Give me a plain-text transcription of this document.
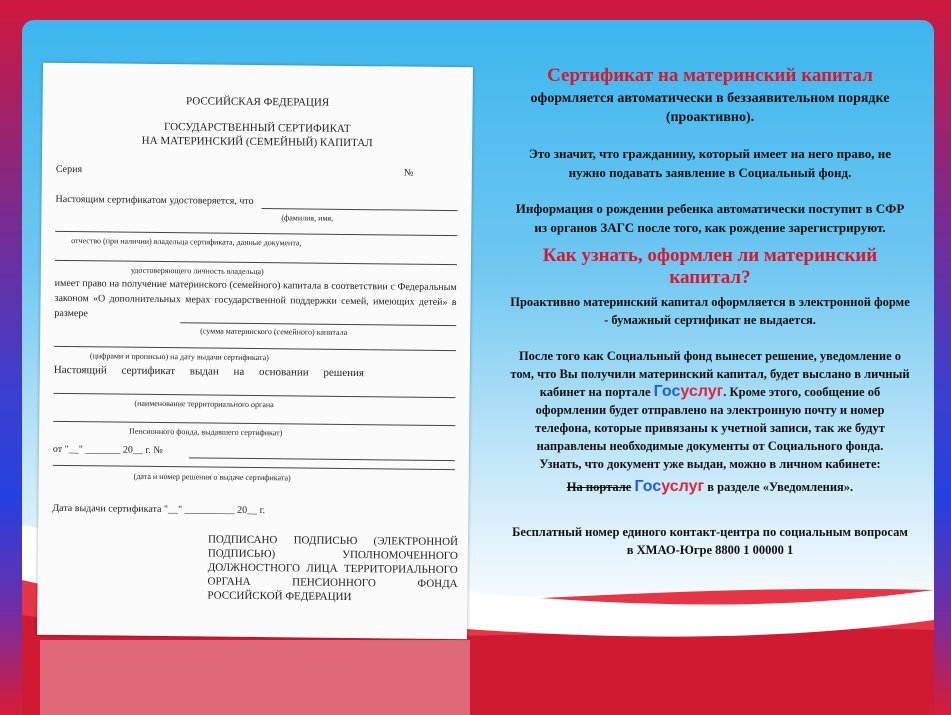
РОССИЙСКАЯ ФЕДЕРАЦИЯ
ГОСУДАРСТВЕННЫЙ СЕРТИФИКАТ
НА МАТЕРИНСКИЙ (СЕМЕЙНЫЙ) КАПИТАЛ
Серия	№
Настоящим сертификатом удостоверяется, что
(фамилия, имя,
отчество (при наличии) владельца сертификата, данные документа,
удостоверяющего личность владельца)
имеет право на получение материнского (семейного) капитала в соответствии с Федеральным законом «О дополнительных мерах государственной поддержки семей, имеющих детей» в размере
(сумма материнского (семейного) капитала
(цифрами и прописью) на дату выдачи сертификата)
Настоящий сертификат выдан на основании решения
(наименование территориального органа
Пенсионного фонда, выдавшего сертификат)
от "__" _______ 20__ г. №
(дата и номер решения о выдаче сертификата)
Дата выдачи сертификата "__" __________ 20__ г.
ПОДПИСАНО ПОДПИСЬЮ (ЭЛЕКТРОННОЙ ПОДПИСЬЮ) УПОЛНОМОЧЕННОГО ДОЛЖНОСТНОГО ЛИЦА ТЕРРИТОРИАЛЬНОГО ОРГАНА ПЕНСИОННОГО ФОНДА РОССИЙСКОЙ ФЕДЕРАЦИИ
Сертификат на материнский капитал

оформляется автоматически в беззаявительном порядке (проактивно).

Это значит, что гражданину, который имеет на него право, не нужно подавать заявление в Социальный фонд.

Информация о рождении ребенка автоматически поступит в СФР из органов ЗАГС после того, как рождение зарегистрируют.

Как узнать, оформлен ли материнский капитал?

Проактивно материнский капитал оформляется в электронной форме - бумажный сертификат не выдается.

После того как Социальный фонд вынесет решение, уведомление о том, что Вы получили материнский капитал, будет выслано в личный кабинет на портале Госуслуг. Кроме этого, сообщение об оформлении будет отправлено на электронную почту и номер телефона, которые привязаны к учетной записи, так же будут направлены необходимые документы от Социального фонда.

Узнать, что документ уже выдан, можно в личном кабинете:

На портале Госуслуг в разделе «Уведомления».

Бесплатный номер единого контакт-центра по социальным вопросам в ХМАО-Югре 8800 1 00000 1
